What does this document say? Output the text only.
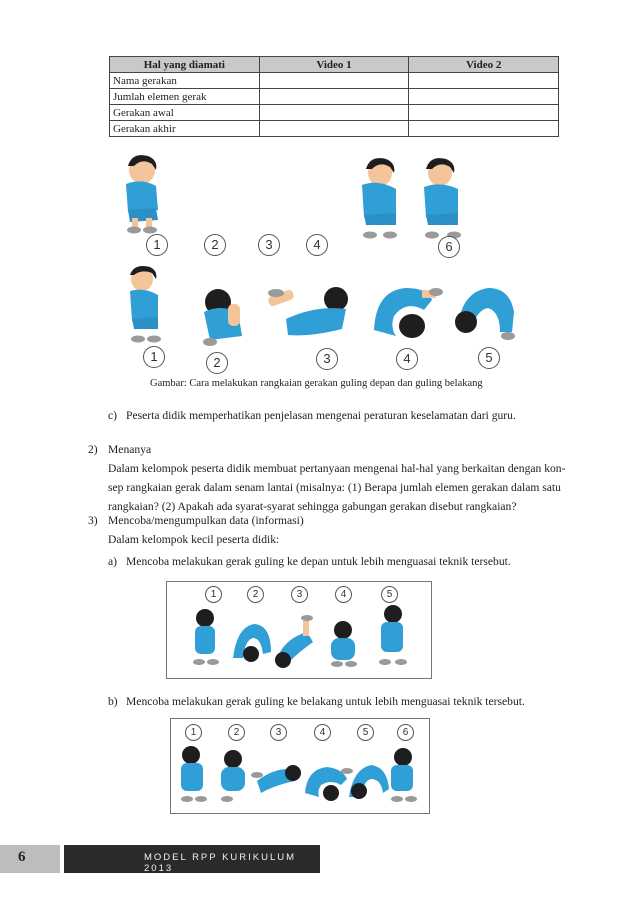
Hal yang diamati	Video 1	Video 2
Nama gerakan		
Jumlah elemen gerak		
Gerakan awal		
Gerakan akhir		
1	2	3	4	6
1	2	3	4	5
Gambar: Cara melakukan rangkaian gerakan guling depan dan guling belakang
c) Peserta didik memperhatikan penjelasan mengenai peraturan keselamatan dari guru.
2) Menanya
Dalam kelompok peserta didik membuat pertanyaan mengenai hal-hal yang berkaitan dengan kon-
sep rangkaian gerak dalam senam lantai (misalnya: (1) Berapa jumlah elemen gerakan dalam satu
rangkaian? (2) Apakah ada syarat-syarat sehingga gabungan gerakan disebut rangkaian?
3) Mencoba/mengumpulkan data (informasi)
Dalam kelompok kecil peserta didik:
a) Mencoba melakukan gerak guling ke depan untuk lebih menguasai teknik tersebut.
1	2	3	4	5
b) Mencoba melakukan gerak guling ke belakang untuk lebih menguasai teknik tersebut.
1	2	3	4	5	6
6	MODEL RPP KURIKULUM 2013
